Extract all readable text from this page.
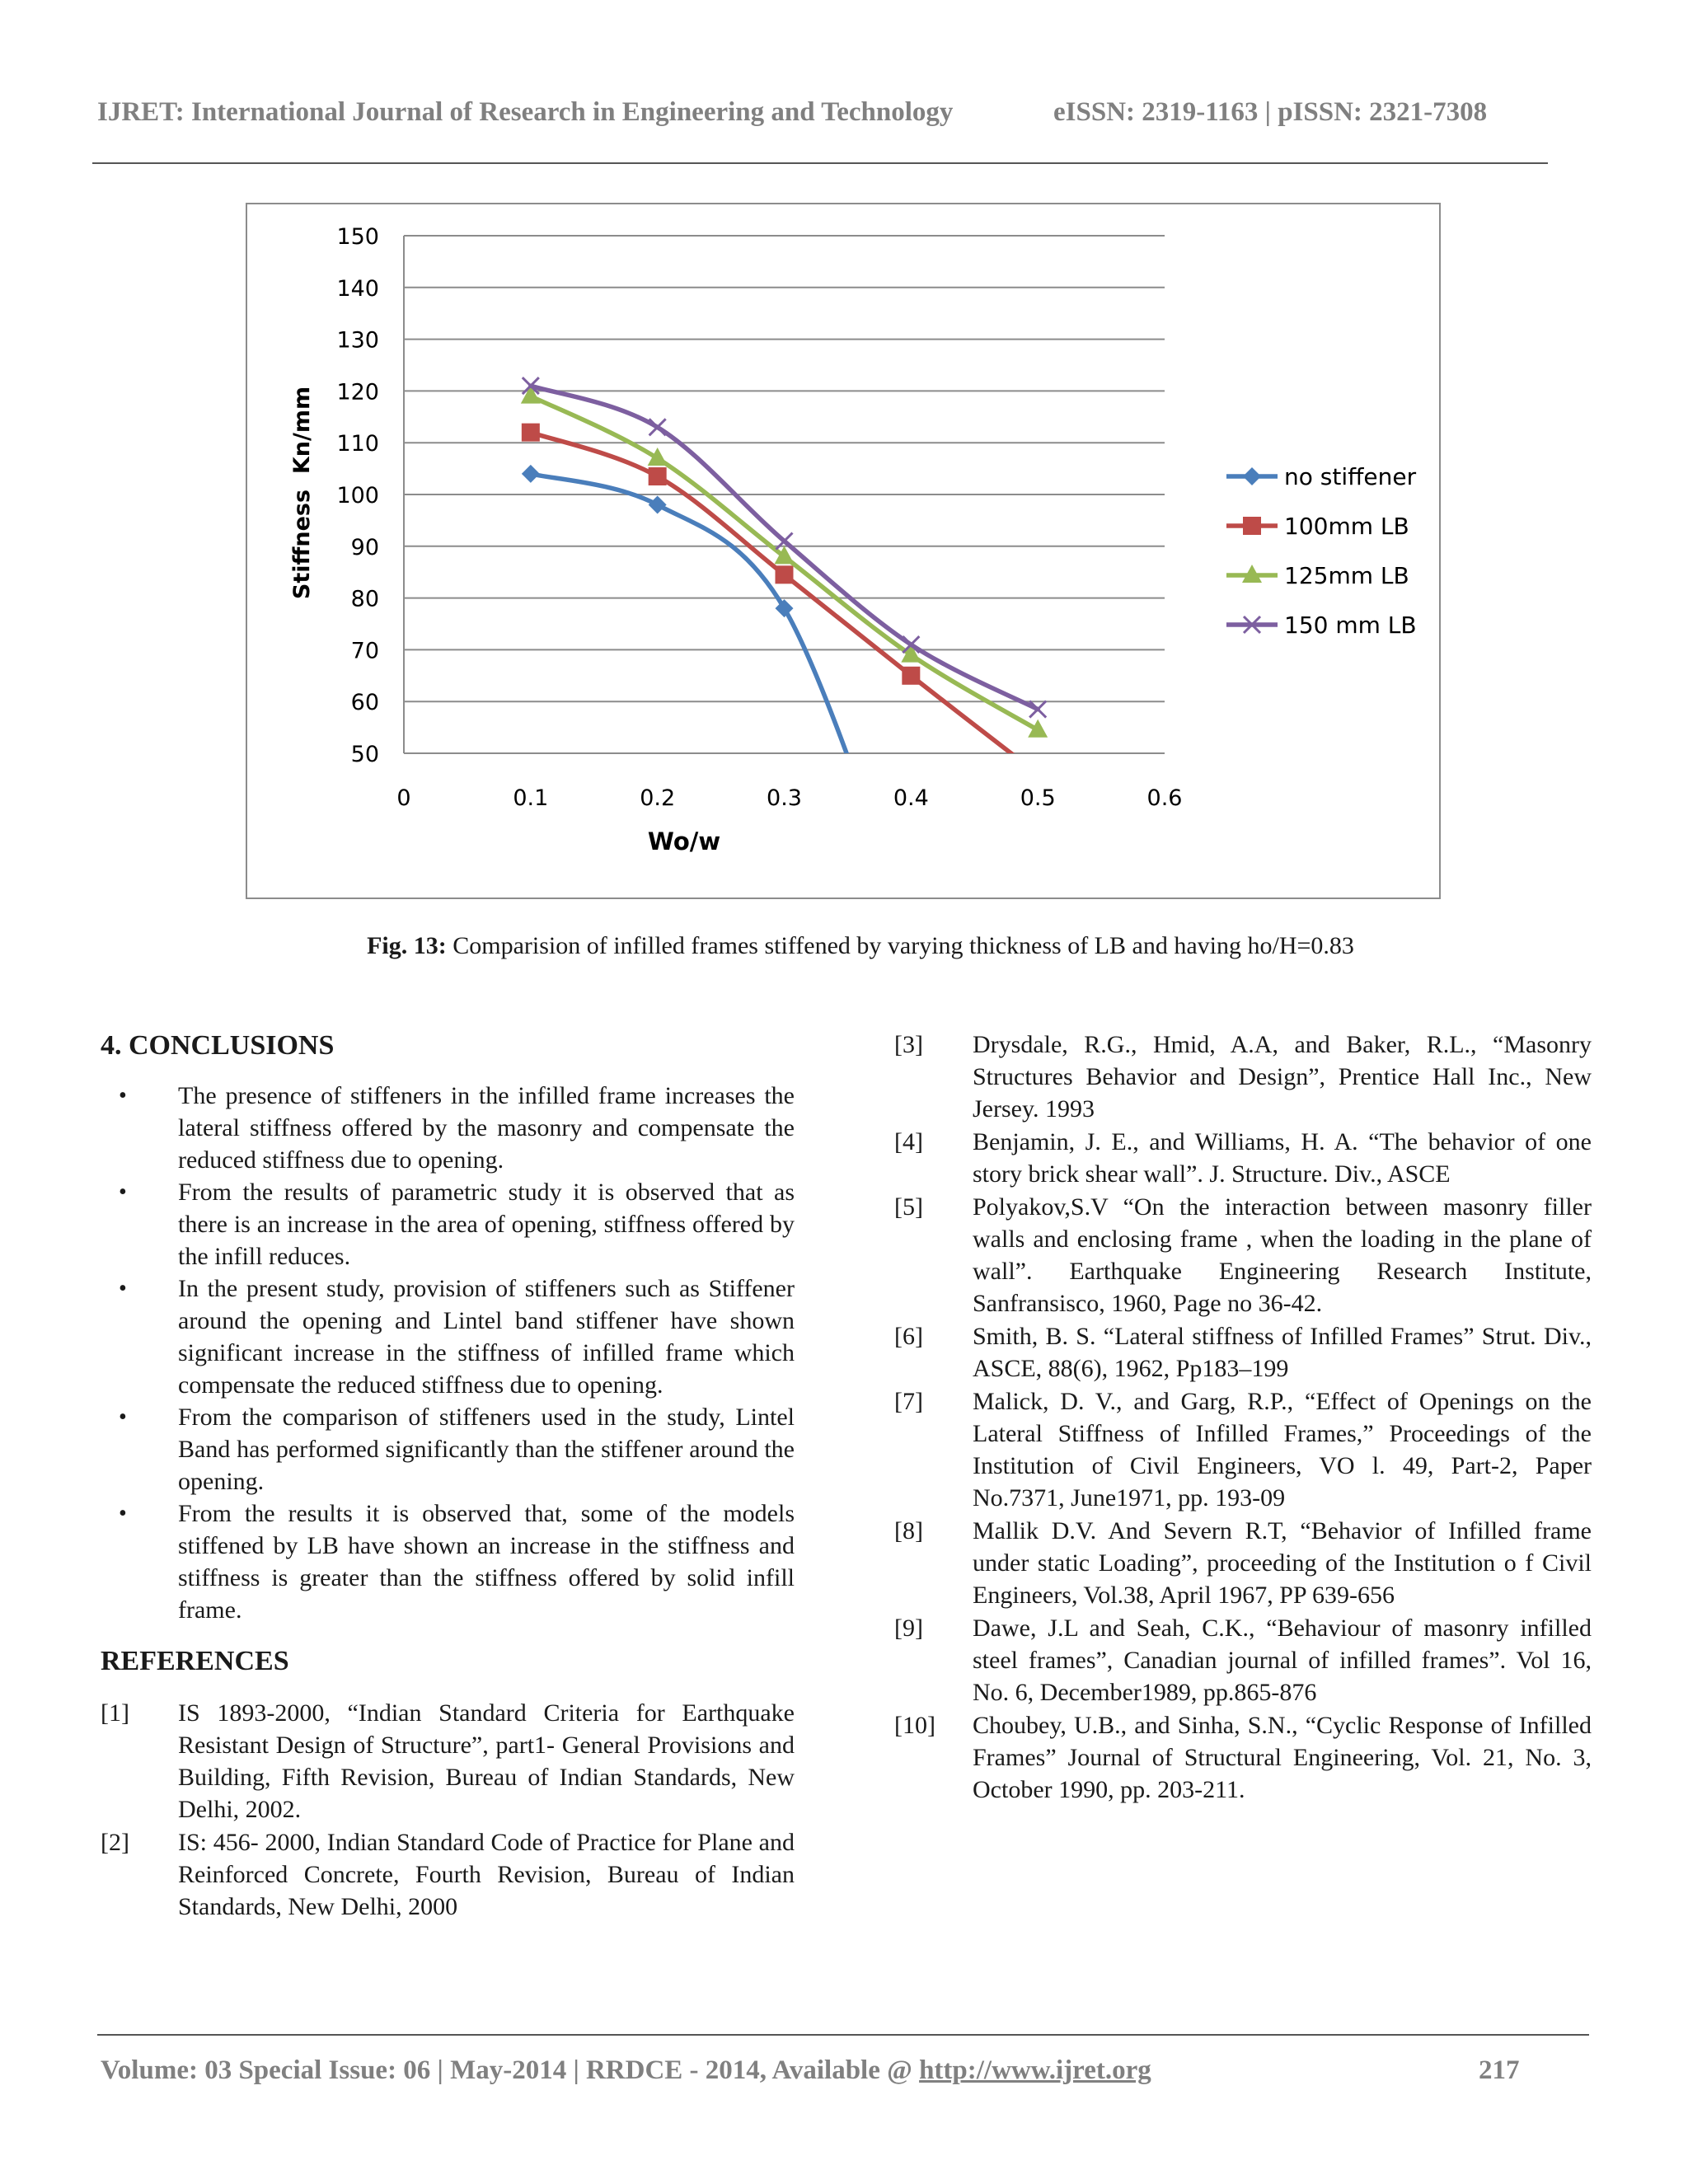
IJRET: International Journal of Research in Engineering and Technology	eISSN: 2319-1163 | pISSN: 2321-7308
50
60
70
80
90
100
110
120
130
140
150
0	0.1	0.2	0.3	0.4	0.5	0.6
no stiffener
100mm LB
125mm LB
150 mm LB
Wo/w
Stiffness  Kn/mm
Fig. 13: Comparision of infilled frames stiffened by varying thickness of LB and having ho/H=0.83
4. CONCLUSIONS
• The presence of stiffeners in the infilled frame increases the lateral stiffness offered by the masonry and compensate the reduced stiffness due to opening.
• From the results of parametric study it is observed that as there is an increase in the area of opening, stiffness offered by the infill reduces.
• In the present study, provision of stiffeners such as Stiffener around the opening and Lintel band stiffener have shown significant increase in the stiffness of infilled frame which compensate the reduced stiffness due to opening.
• From the comparison of stiffeners used in the study, Lintel Band has performed significantly than the stiffener around the opening.
• From the results it is observed that, some of the models stiffened by LB have shown an increase in the stiffness and stiffness is greater than the stiffness offered by solid infill frame.
REFERENCES
[1]	IS 1893-2000, “Indian Standard Criteria for Earthquake Resistant Design of Structure”, part1- General Provisions and Building, Fifth Revision, Bureau of Indian Standards, New Delhi, 2002.
[2]	IS: 456- 2000, Indian Standard Code of Practice for Plane and Reinforced Concrete, Fourth Revision, Bureau of Indian Standards, New Delhi, 2000
[3]	Drysdale, R.G., Hmid, A.A, and Baker, R.L., “Masonry Structures Behavior and Design”, Prentice Hall Inc., New Jersey. 1993
[4]	Benjamin, J. E., and Williams, H. A. “The behavior of one story brick shear wall”. J. Structure. Div., ASCE
[5]	Polyakov,S.V “On the interaction between masonry filler walls and enclosing frame , when the loading in the plane of wall”. Earthquake Engineering Research Institute, Sanfransisco, 1960, Page no 36-42.
[6]	Smith, B. S. “Lateral stiffness of Infilled Frames” Strut. Div., ASCE, 88(6), 1962, Pp183–199
[7]	Malick, D. V., and Garg, R.P., “Effect of Openings on the Lateral Stiffness of Infilled Frames,” Proceedings of the Institution of Civil Engineers, VO l. 49, Part-2, Paper No.7371, June1971, pp. 193-09
[8]	Mallik D.V. And Severn R.T, “Behavior of Infilled frame under static Loading”, proceeding of the Institution o f Civil Engineers, Vol.38, April 1967, PP 639-656
[9]	Dawe, J.L and Seah, C.K., “Behaviour of masonry infilled steel frames”, Canadian journal of infilled frames”. Vol 16, No. 6, December1989, pp.865-876
[10]	Choubey, U.B., and Sinha, S.N., “Cyclic Response of Infilled Frames” Journal of Structural Engineering, Vol. 21, No. 3, October 1990, pp. 203-211.
Volume: 03 Special Issue: 06 | May-2014 | RRDCE - 2014, Available @ http://www.ijret.org	217
